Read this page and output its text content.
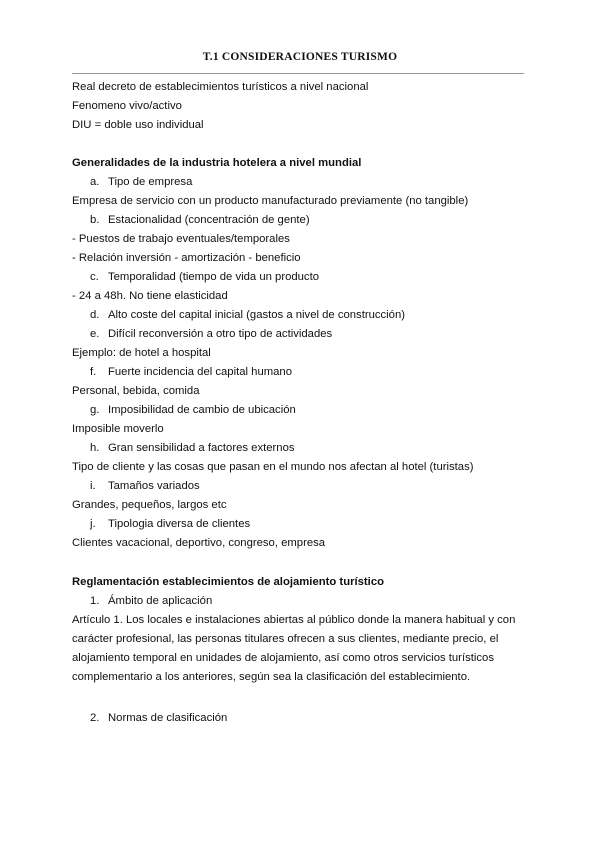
T.1 CONSIDERACIONES TURISMO
Real decreto de establecimientos turísticos a nivel nacional
Fenomeno vivo/activo
DIU = doble uso individual
Generalidades de la industria hotelera a nivel mundial
a. Tipo de empresa
Empresa de servicio con un producto manufacturado previamente (no tangible)
b. Estacionalidad (concentración de gente)
- Puestos de trabajo eventuales/temporales
- Relación inversión - amortización - beneficio
c. Temporalidad (tiempo de vida un producto
- 24 a 48h. No tiene elasticidad
d. Alto coste del capital inicial (gastos a nivel de construcción)
e. Difícil reconversión a otro tipo de actividades
Ejemplo: de hotel a hospital
f. Fuerte incidencia del capital humano
Personal, bebida, comida
g. Imposibilidad de cambio de ubicación
Imposible moverlo
h. Gran sensibilidad a factores externos
Tipo de cliente y las cosas que pasan en el mundo nos afectan al hotel (turistas)
i. Tamaños variados
Grandes, pequeños, largos etc
j. Tipologia diversa de clientes
Clientes vacacional, deportivo, congreso, empresa
Reglamentación establecimientos de alojamiento turístico
1. Ámbito de aplicación
Artículo 1. Los locales e instalaciones abiertas al público donde la manera habitual y con
carácter profesional, las personas titulares ofrecen a sus clientes, mediante precio, el
alojamiento temporal en unidades de alojamiento, así como otros servicios turísticos
complementario a los anteriores, según sea la clasificación del establecimiento.
2. Normas de clasificación
